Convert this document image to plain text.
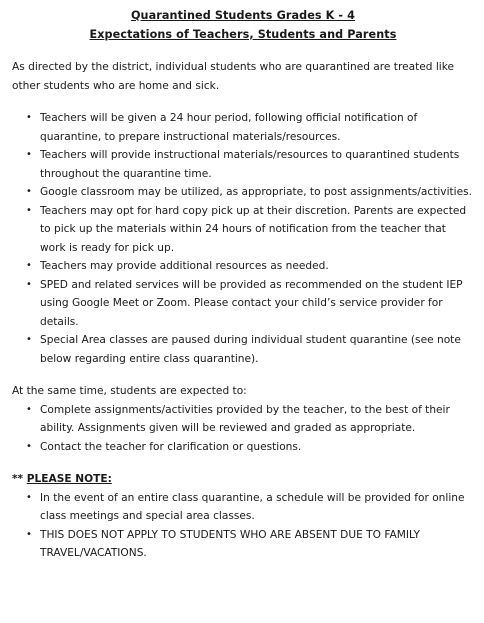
Quarantined Students Grades K - 4

Expectations of Teachers, Students and Parents

As directed by the district, individual students who are quarantined are treated like other students who are home and sick.

• Teachers will be given a 24 hour period, following official notification of quarantine, to prepare instructional materials/resources.
• Teachers will provide instructional materials/resources to quarantined students throughout the quarantine time.
• Google classroom may be utilized, as appropriate, to post assignments/activities.
• Teachers may opt for hard copy pick up at their discretion. Parents are expected to pick up the materials within 24 hours of notification from the teacher that work is ready for pick up.
• Teachers may provide additional resources as needed.
• SPED and related services will be provided as recommended on the student IEP using Google Meet or Zoom. Please contact your child’s service provider for details.
• Special Area classes are paused during individual student quarantine (see note below regarding entire class quarantine).

At the same time, students are expected to:

• Complete assignments/activities provided by the teacher, to the best of their ability. Assignments given will be reviewed and graded as appropriate.
• Contact the teacher for clarification or questions.

** PLEASE NOTE:

• In the event of an entire class quarantine, a schedule will be provided for online class meetings and special area classes.
• THIS DOES NOT APPLY TO STUDENTS WHO ARE ABSENT DUE TO FAMILY TRAVEL/VACATIONS.
